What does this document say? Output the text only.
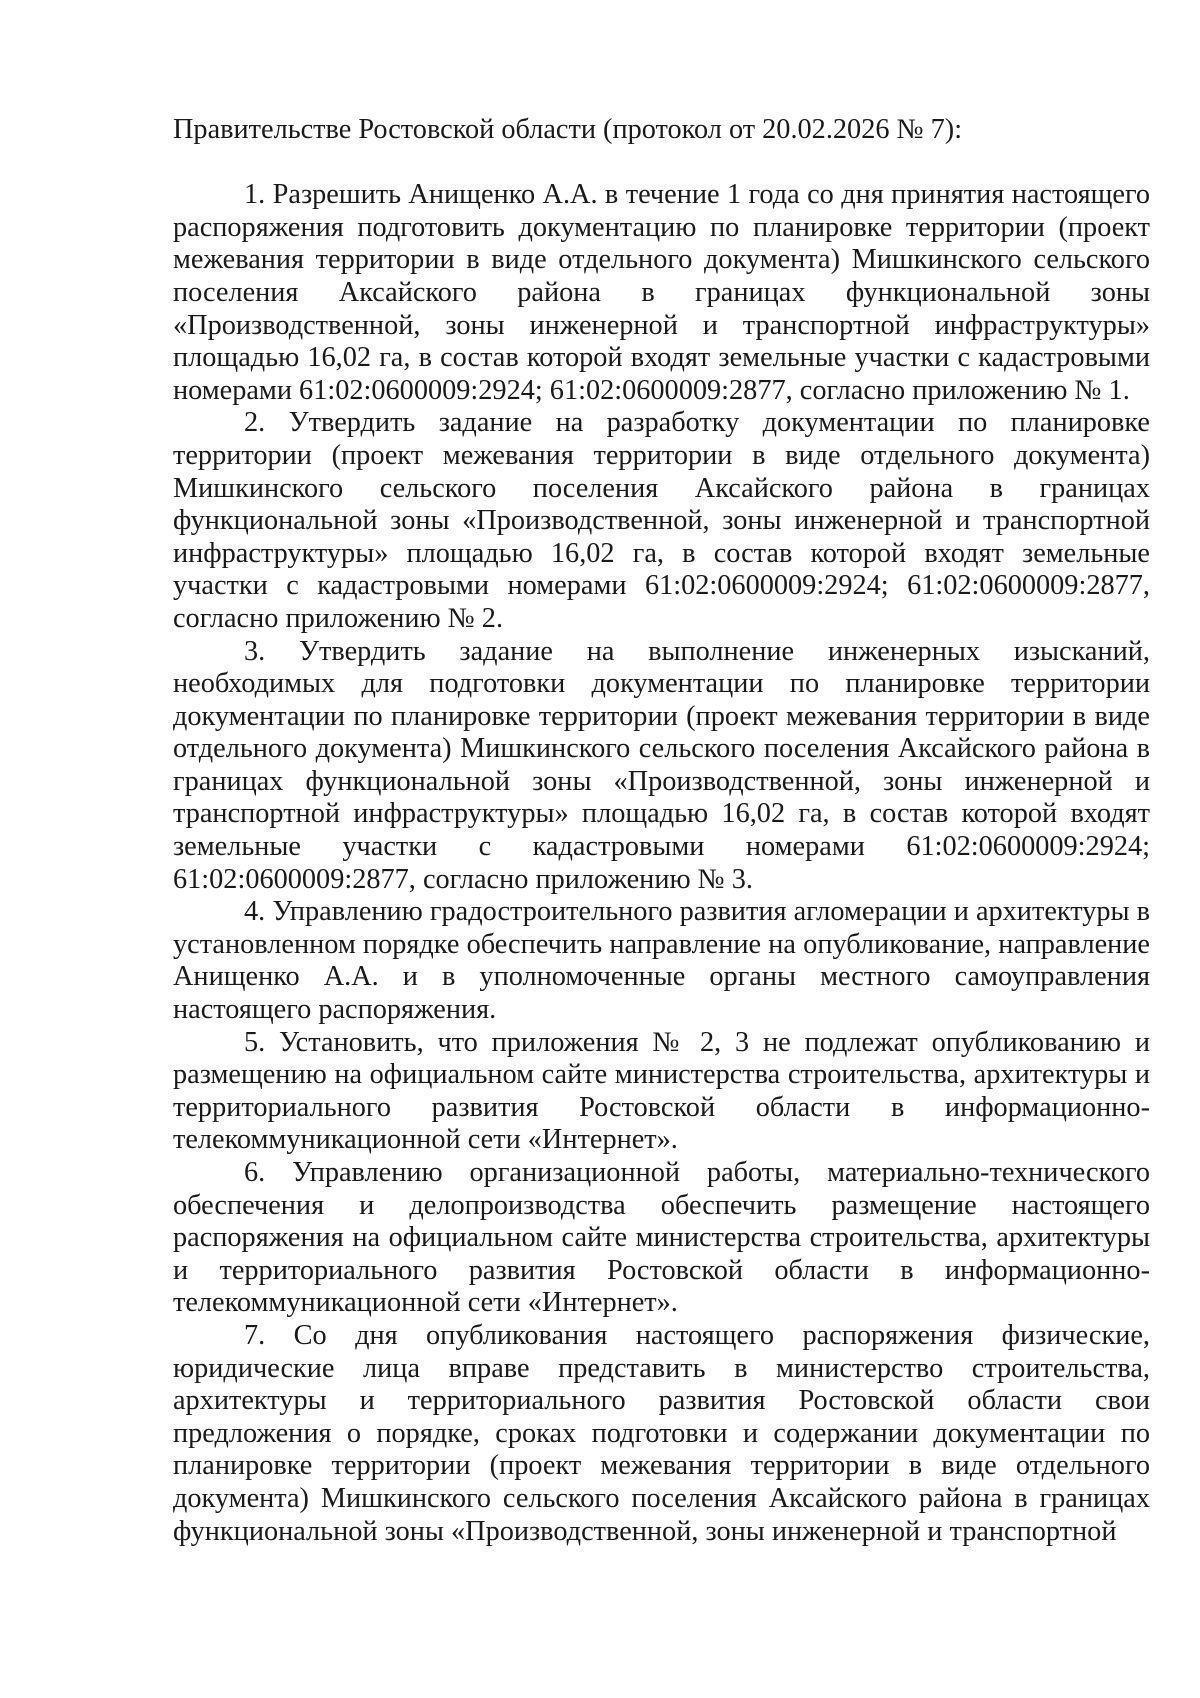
Правительстве Ростовской области (протокол от 20.02.2026 № 7):

1. Разрешить Анищенко А.А. в течение 1 года со дня принятия настоящего распоряжения подготовить документацию по планировке территории (проект межевания территории в виде отдельного документа) Мишкинского сельского поселения Аксайского района в границах функциональной зоны «Производственной, зоны инженерной и транспортной инфраструктуры» площадью 16,02 га, в состав которой входят земельные участки с кадастровыми номерами 61:02:0600009:2924; 61:02:0600009:2877, согласно приложению № 1.

2. Утвердить задание на разработку документации по планировке территории (проект межевания территории в виде отдельного документа) Мишкинского сельского поселения Аксайского района в границах функциональной зоны «Производственной, зоны инженерной и транспортной инфраструктуры» площадью 16,02 га, в состав которой входят земельные участки с кадастровыми номерами 61:02:0600009:2924; 61:02:0600009:2877, согласно приложению № 2.

3. Утвердить задание на выполнение инженерных изысканий, необходимых для подготовки документации по планировке территории документации по планировке территории (проект межевания территории в виде отдельного документа) Мишкинского сельского поселения Аксайского района в границах функциональной зоны «Производственной, зоны инженерной и транспортной инфраструктуры» площадью 16,02 га, в состав которой входят земельные участки с кадастровыми номерами 61:02:0600009:2924; 61:02:0600009:2877, согласно приложению № 3.

4. Управлению градостроительного развития агломерации и архитектуры в установленном порядке обеспечить направление на опубликование, направление Анищенко А.А. и в уполномоченные органы местного самоуправления настоящего распоряжения.

5. Установить, что приложения № 2, 3 не подлежат опубликованию и размещению на официальном сайте министерства строительства, архитектуры и территориального развития Ростовской области в информационно-телекоммуникационной сети «Интернет».

6. Управлению организационной работы, материально-технического обеспечения и делопроизводства обеспечить размещение настоящего распоряжения на официальном сайте министерства строительства, архитектуры и территориального развития Ростовской области в информационно-телекоммуникационной сети «Интернет».

7. Со дня опубликования настоящего распоряжения физические, юридические лица вправе представить в министерство строительства, архитектуры и территориального развития Ростовской области свои предложения о порядке, сроках подготовки и содержании документации по планировке территории (проект межевания территории в виде отдельного документа) Мишкинского сельского поселения Аксайского района в границах функциональной зоны «Производственной, зоны инженерной и транспортной
